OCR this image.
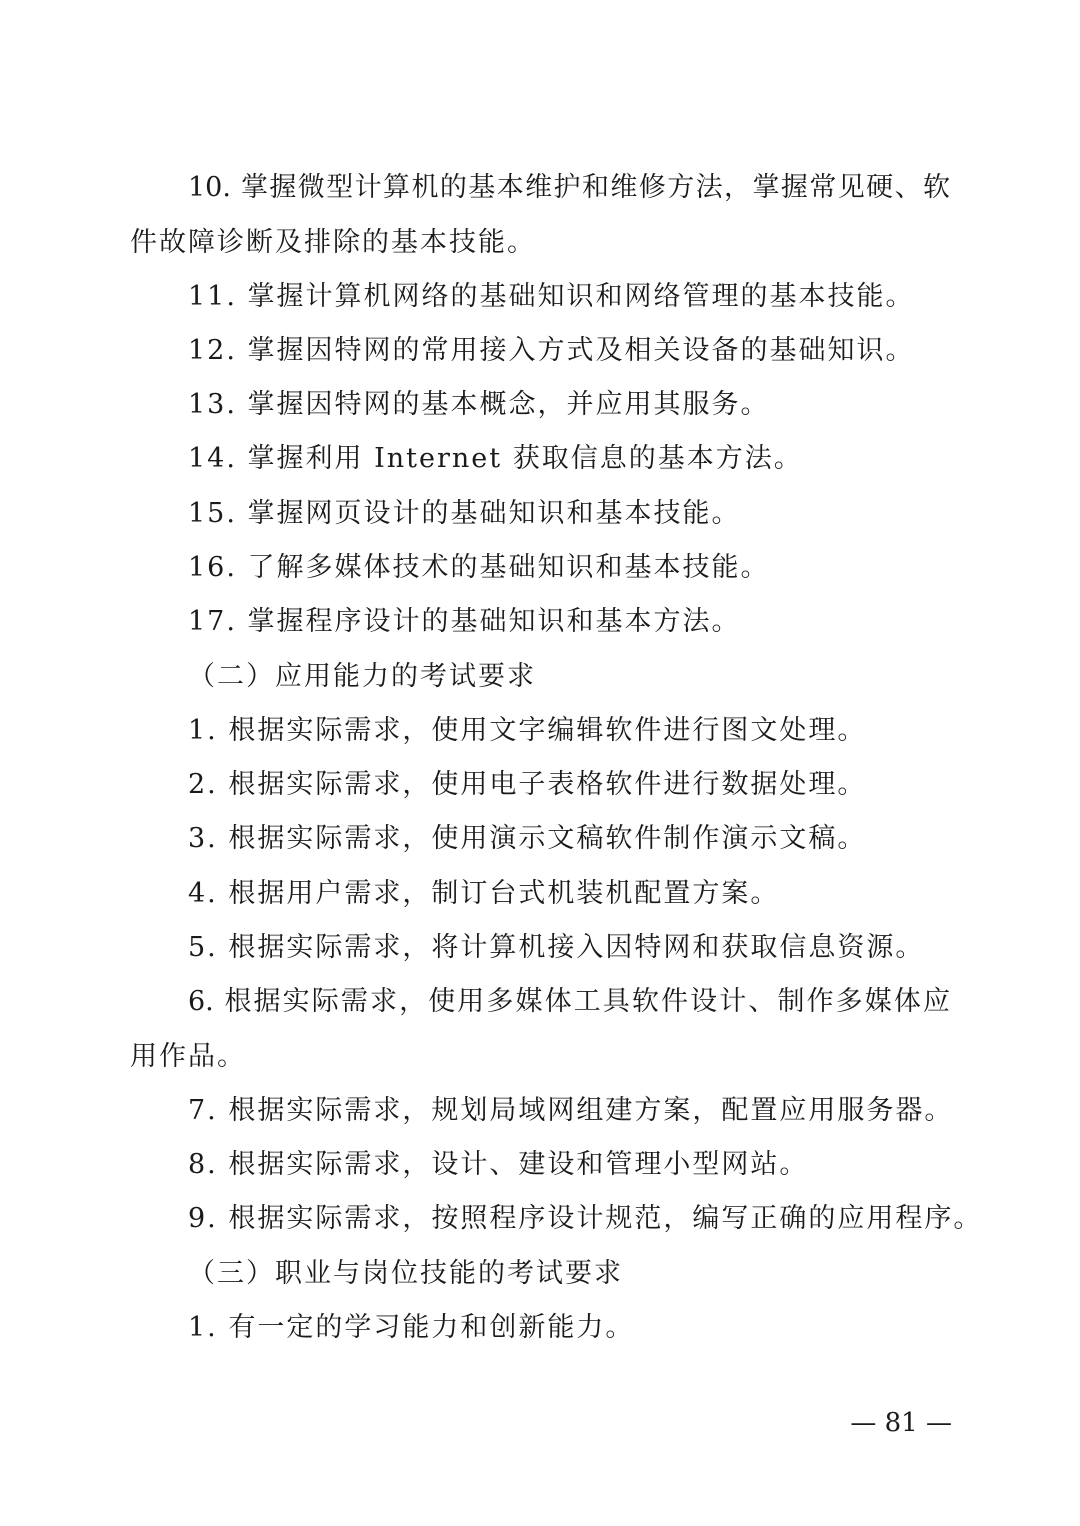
10. 掌握微型计算机的基本维护和维修方法，掌握常见硬、软
件故障诊断及排除的基本技能。
11. 掌握计算机网络的基础知识和网络管理的基本技能。
12. 掌握因特网的常用接入方式及相关设备的基础知识。
13. 掌握因特网的基本概念，并应用其服务。
14. 掌握利用 Internet 获取信息的基本方法。
15. 掌握网页设计的基础知识和基本技能。
16. 了解多媒体技术的基础知识和基本技能。
17. 掌握程序设计的基础知识和基本方法。
（二）应用能力的考试要求
1. 根据实际需求，使用文字编辑软件进行图文处理。
2. 根据实际需求，使用电子表格软件进行数据处理。
3. 根据实际需求，使用演示文稿软件制作演示文稿。
4. 根据用户需求，制订台式机装机配置方案。
5. 根据实际需求，将计算机接入因特网和获取信息资源。
6. 根据实际需求，使用多媒体工具软件设计、制作多媒体应
用作品。
7. 根据实际需求，规划局域网组建方案，配置应用服务器。
8. 根据实际需求，设计、建设和管理小型网站。
9. 根据实际需求，按照程序设计规范，编写正确的应用程序。
（三）职业与岗位技能的考试要求
1. 有一定的学习能力和创新能力。
— 81 —
